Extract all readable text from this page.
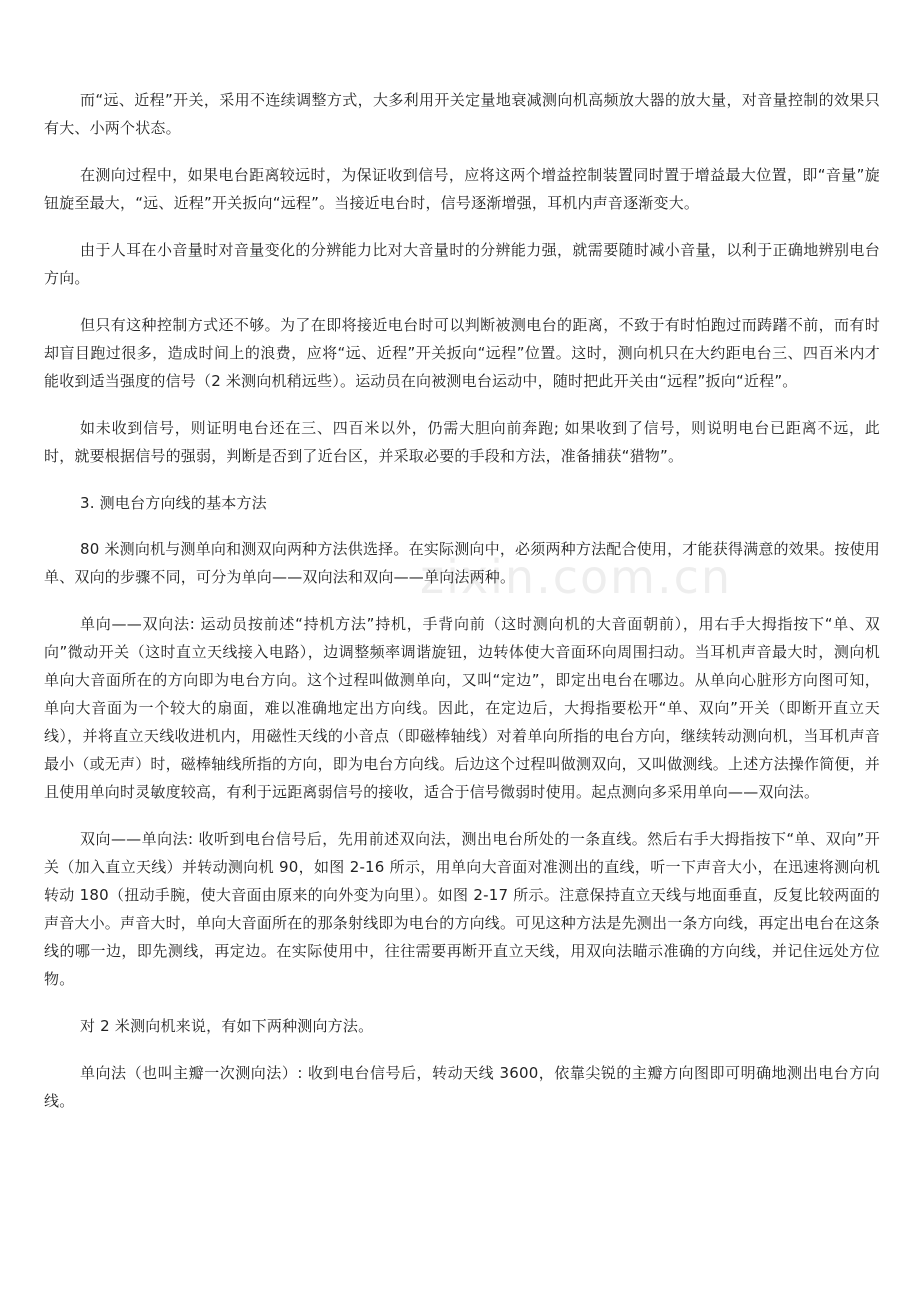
zixin.com.cn

而“远、近程”开关，采用不连续调整方式，大多利用开关定量地衰减测向机高频放大器的放大量，对音量控制的效果只有大、小两个状态。

在测向过程中，如果电台距离较远时，为保证收到信号，应将这两个增益控制装置同时置于增益最大位置，即“音量”旋钮旋至最大，“远、近程”开关扳向“远程”。当接近电台时，信号逐渐增强，耳机内声音逐渐变大。

由于人耳在小音量时对音量变化的分辨能力比对大音量时的分辨能力强，就需要随时减小音量，以利于正确地辨别电台方向。

但只有这种控制方式还不够。为了在即将接近电台时可以判断被测电台的距离，不致于有时怕跑过而踌躇不前，而有时却盲目跑过很多，造成时间上的浪费，应将“远、近程”开关扳向“远程”位置。这时，测向机只在大约距电台三、四百米内才能收到适当强度的信号（2 米测向机稍远些）。运动员在向被测电台运动中，随时把此开关由“远程”扳向“近程”。

如未收到信号，则证明电台还在三、四百米以外，仍需大胆向前奔跑; 如果收到了信号，则说明电台已距离不远，此时，就要根据信号的强弱，判断是否到了近台区，并采取必要的手段和方法，准备捕获“猎物”。

3. 测电台方向线的基本方法

80 米测向机与测单向和测双向两种方法供选择。在实际测向中，必须两种方法配合使用，才能获得满意的效果。按使用单、双向的步骤不同，可分为单向——双向法和双向——单向法两种。

单向——双向法: 运动员按前述“持机方法”持机，手背向前（这时测向机的大音面朝前），用右手大拇指按下“单、双向”微动开关（这时直立天线接入电路），边调整频率调谐旋钮，边转体使大音面环向周围扫动。当耳机声音最大时，测向机单向大音面所在的方向即为电台方向。这个过程叫做测单向，又叫“定边”，即定出电台在哪边。从单向心脏形方向图可知，单向大音面为一个较大的扇面，难以准确地定出方向线。因此，在定边后，大拇指要松开“单、双向”开关（即断开直立天线），并将直立天线收进机内，用磁性天线的小音点（即磁棒轴线）对着单向所指的电台方向，继续转动测向机，当耳机声音最小（或无声）时，磁棒轴线所指的方向，即为电台方向线。后边这个过程叫做测双向，又叫做测线。上述方法操作简便，并且使用单向时灵敏度较高，有利于远距离弱信号的接收，适合于信号微弱时使用。起点测向多采用单向——双向法。

双向——单向法: 收听到电台信号后，先用前述双向法，测出电台所处的一条直线。然后右手大拇指按下“单、双向”开关（加入直立天线）并转动测向机 90，如图 2-16 所示，用单向大音面对准测出的直线，听一下声音大小，在迅速将测向机转动 180（扭动手腕，使大音面由原来的向外变为向里）。如图 2-17 所示。注意保持直立天线与地面垂直，反复比较两面的声音大小。声音大时，单向大音面所在的那条射线即为电台的方向线。可见这种方法是先测出一条方向线，再定出电台在这条线的哪一边，即先测线，再定边。在实际使用中，往往需要再断开直立天线，用双向法瞄示准确的方向线，并记住远处方位物。

对 2 米测向机来说，有如下两种测向方法。

单向法（也叫主瓣一次测向法）: 收到电台信号后，转动天线 3600，依靠尖锐的主瓣方向图即可明确地测出电台方向线。
